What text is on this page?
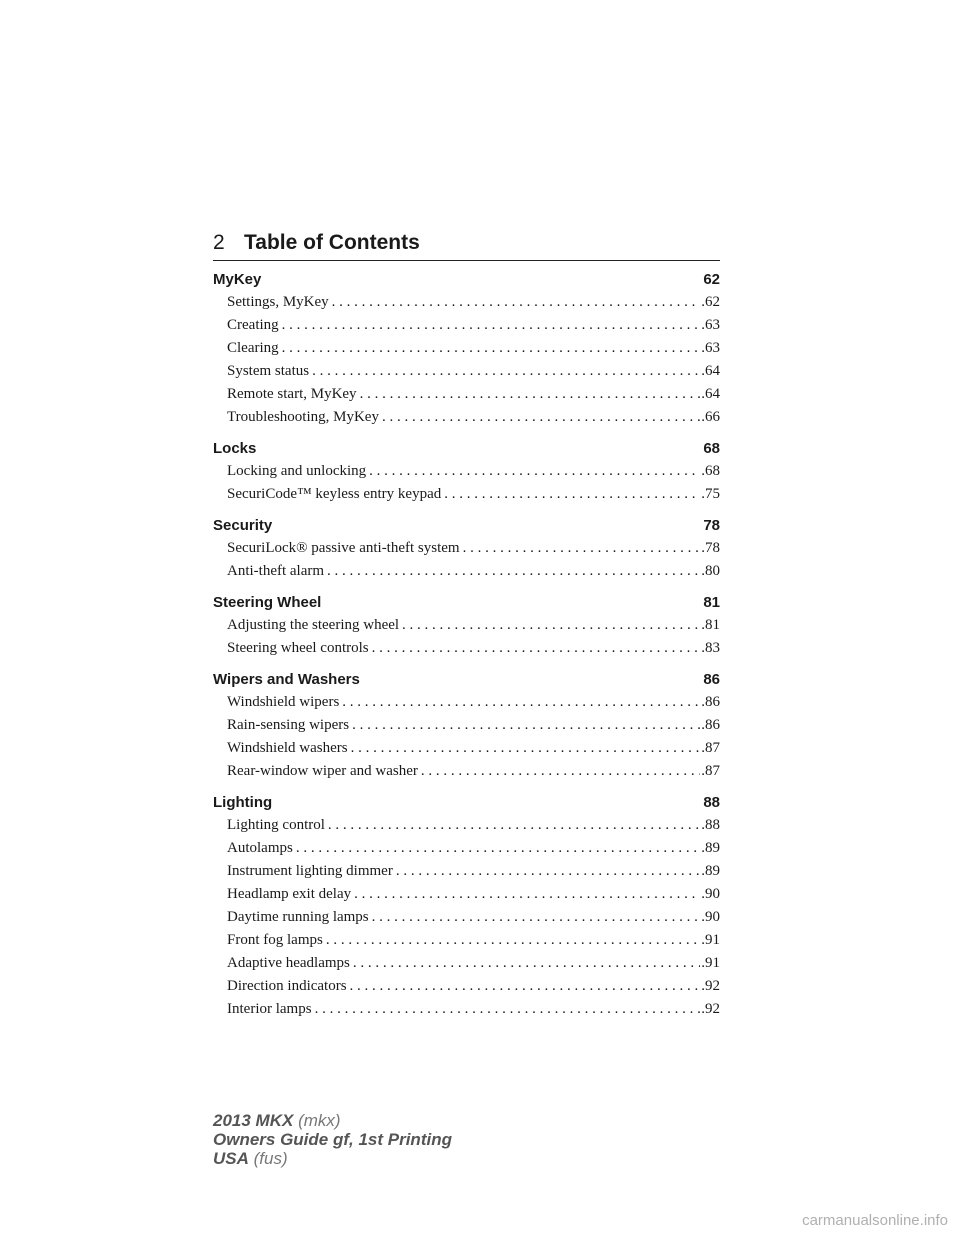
2 Table of Contents
MyKey	62
Settings, MyKey . . .	.62
Creating . . .	.63
Clearing . . .	.63
System status . . .	.64
Remote start, MyKey . . .	.64
Troubleshooting, MyKey . . .	.66
Locks	68
Locking and unlocking . . .	.68
SecuriCode™ keyless entry keypad . . .	.75
Security	78
SecuriLock® passive anti-theft system . . .	.78
Anti-theft alarm . . .	.80
Steering Wheel	81
Adjusting the steering wheel . . .	.81
Steering wheel controls . . .	.83
Wipers and Washers	86
Windshield wipers . . .	.86
Rain-sensing wipers . . .	.86
Windshield washers . . .	.87
Rear-window wiper and washer . . .	.87
Lighting	88
Lighting control . . .	.88
Autolamps . . .	.89
Instrument lighting dimmer . . .	.89
Headlamp exit delay . . .	.90
Daytime running lamps . . .	.90
Front fog lamps . . .	.91
Adaptive headlamps . . .	.91
Direction indicators . . .	.92
Interior lamps . . .	.92
2013 MKX (mkx)
Owners Guide gf, 1st Printing
USA (fus)
carmanualsonline.info
